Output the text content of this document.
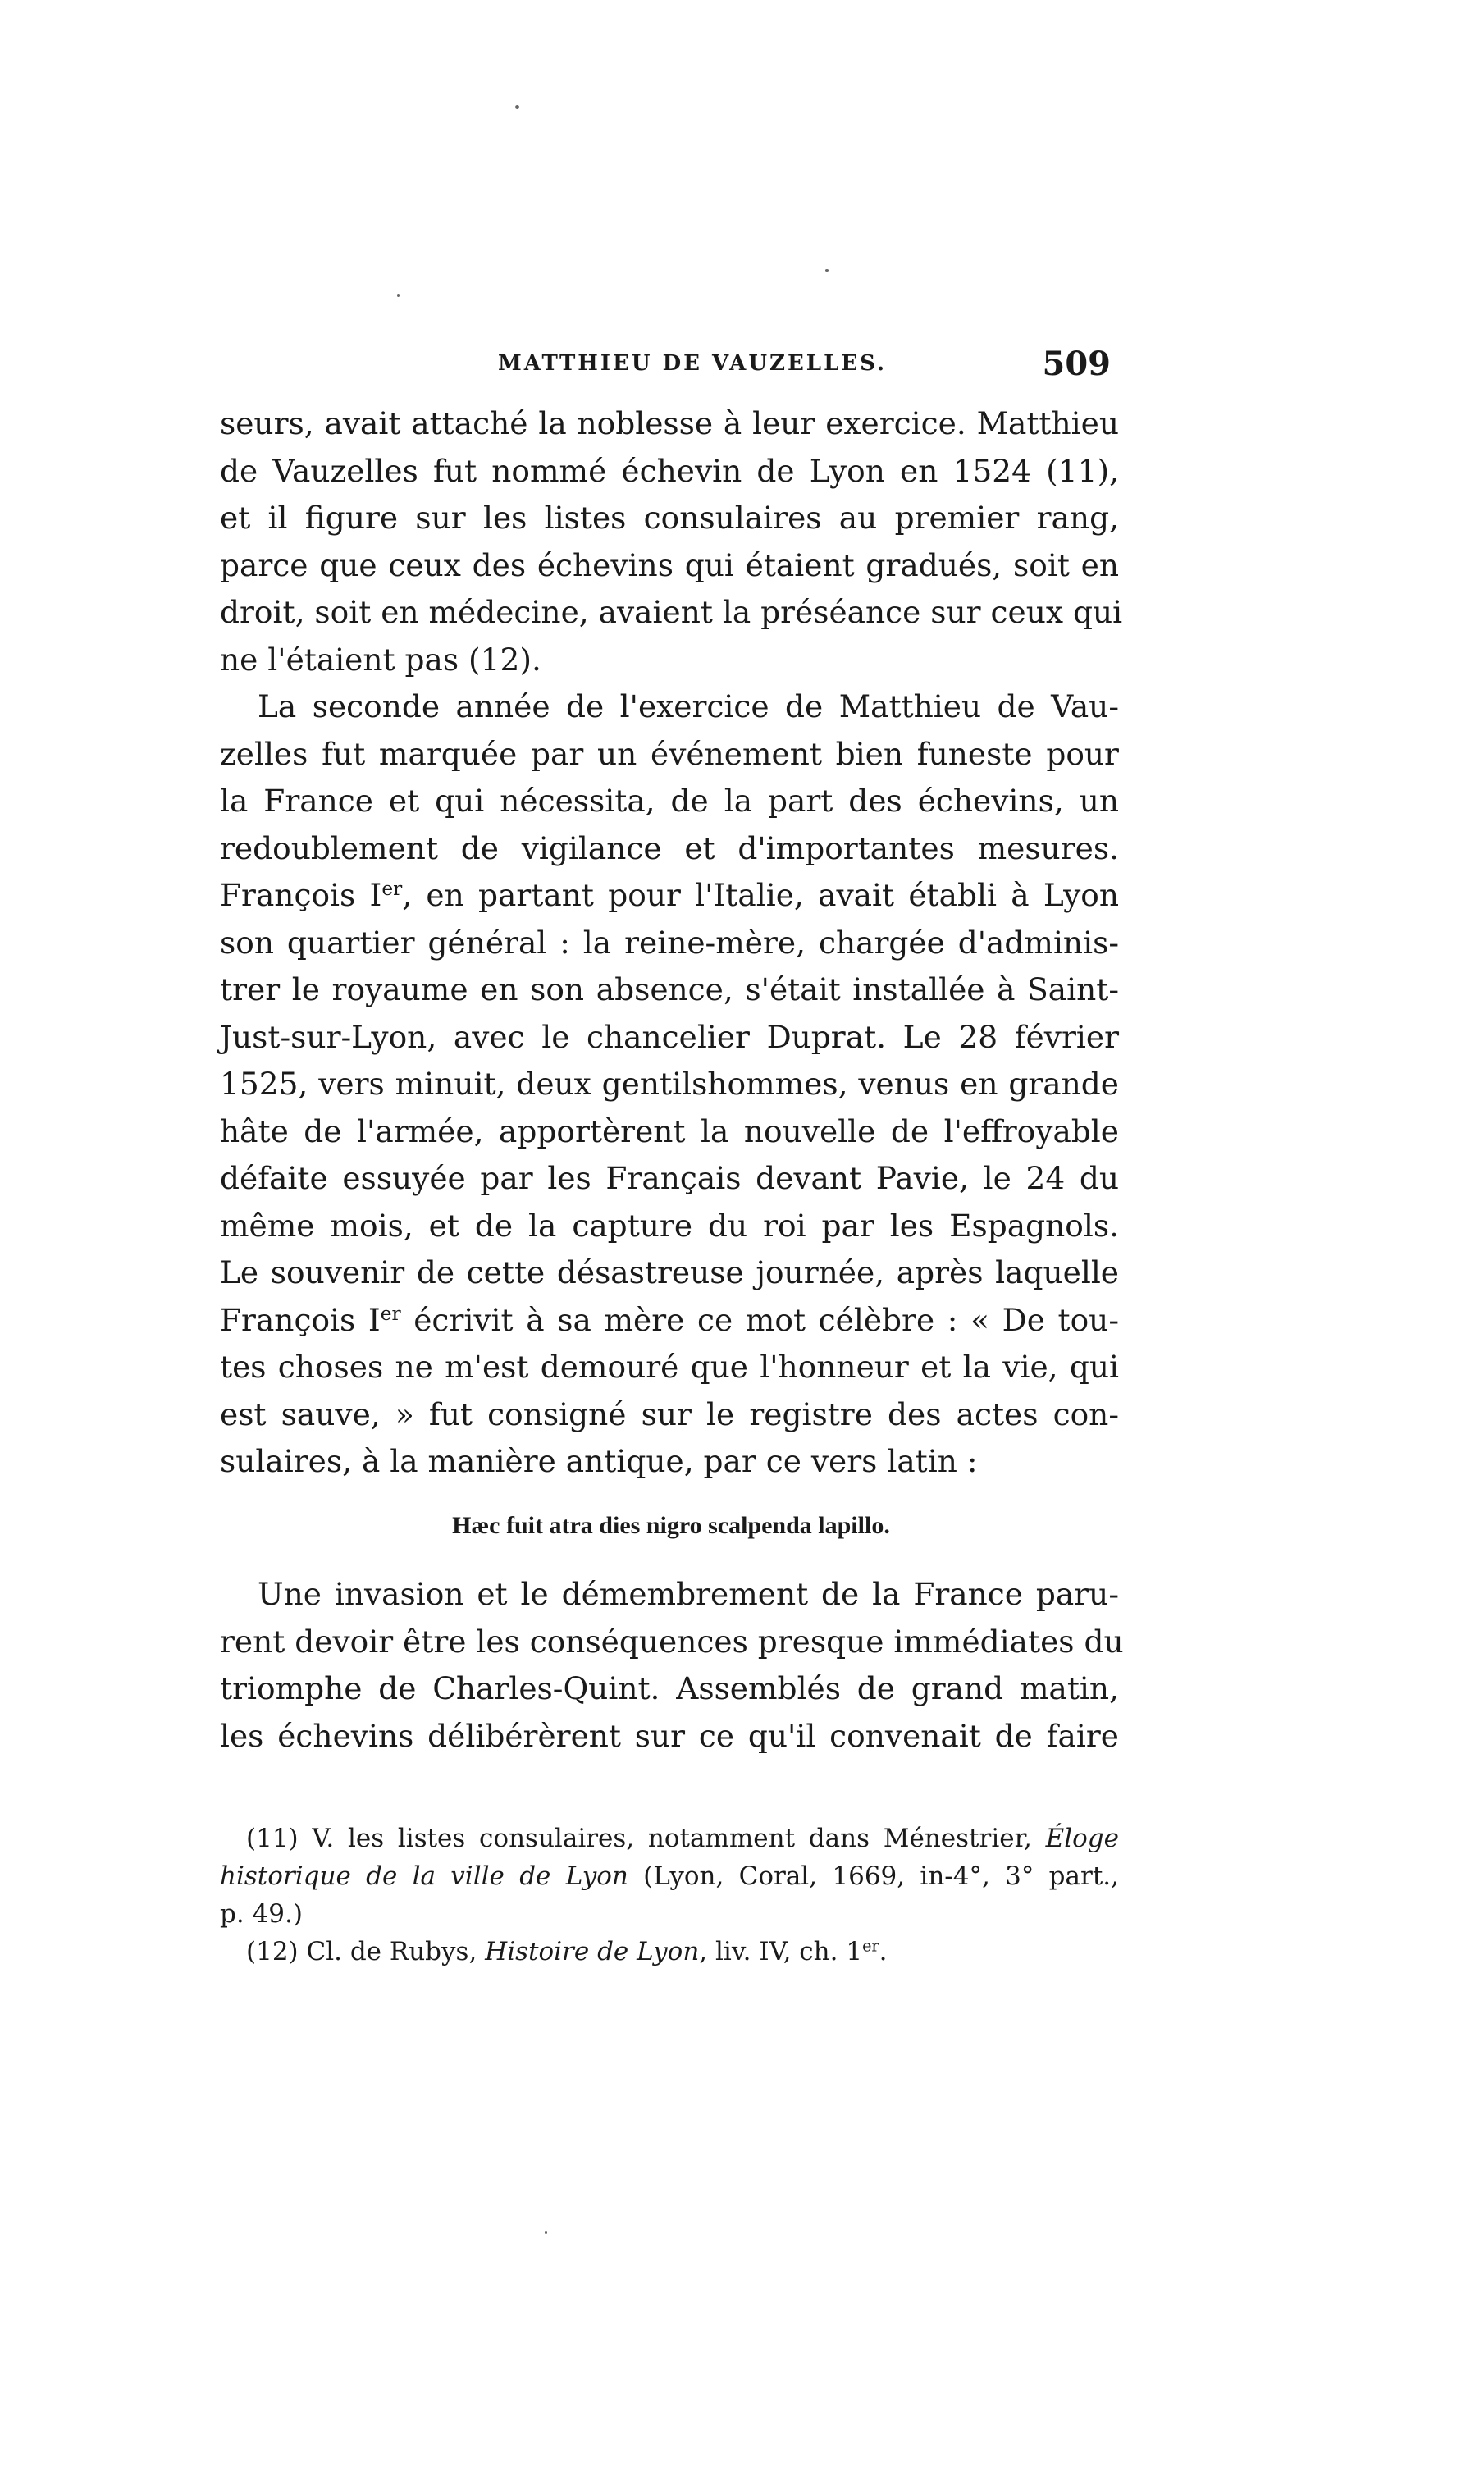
MATTHIEU DE VAUZELLES.	509
seurs, avait attaché la noblesse à leur exercice. Matthieu
de Vauzelles fut nommé échevin de Lyon en 1524 (11),
et il figure sur les listes consulaires au premier rang,
parce que ceux des échevins qui étaient gradués, soit en
droit, soit en médecine, avaient la préséance sur ceux qui
ne l'étaient pas (12).
La seconde année de l'exercice de Matthieu de Vau-
zelles fut marquée par un événement bien funeste pour
la France et qui nécessita, de la part des échevins, un
redoublement de vigilance et d'importantes mesures.
François Ier, en partant pour l'Italie, avait établi à Lyon
son quartier général : la reine-mère, chargée d'adminis-
trer le royaume en son absence, s'était installée à Saint-
Just-sur-Lyon, avec le chancelier Duprat. Le 28 février
1525, vers minuit, deux gentilshommes, venus en grande
hâte de l'armée, apportèrent la nouvelle de l'effroyable
défaite essuyée par les Français devant Pavie, le 24 du
même mois, et de la capture du roi par les Espagnols.
Le souvenir de cette désastreuse journée, après laquelle
François Ier écrivit à sa mère ce mot célèbre : « De tou-
tes choses ne m'est demouré que l'honneur et la vie, qui
est sauve, » fut consigné sur le registre des actes con-
sulaires, à la manière antique, par ce vers latin :
Hæc fuit atra dies nigro scalpenda lapillo.
Une invasion et le démembrement de la France paru-
rent devoir être les conséquences presque immédiates du
triomphe de Charles-Quint. Assemblés de grand matin,
les échevins délibérèrent sur ce qu'il convenait de faire
(11) V. les listes consulaires, notamment dans Ménestrier, Éloge
historique de la ville de Lyon (Lyon, Coral, 1669, in-4°, 3° part.,
p. 49.)
(12) Cl. de Rubys, Histoire de Lyon, liv. IV, ch. 1er.
